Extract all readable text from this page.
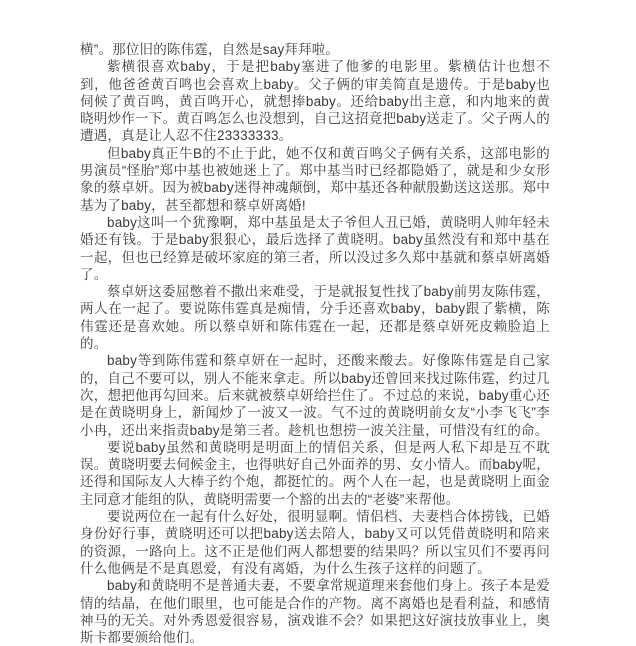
横”。那位旧的陈伟霆，自然是say拜拜啦。

紫横很喜欢baby，于是把baby塞进了他爹的电影里。紫横估计也想不到，他爸爸黄百鸣也会喜欢上baby。父子俩的审美简直是遗传。于是baby也伺候了黄百鸣，黄百鸣开心，就想捧baby。还给baby出主意，和内地来的黄晓明炒作一下。黄百鸣怎么也没想到，自己这招竟把baby送走了。父子两人的遭遇，真是让人忍不住23333333。

但baby真正牛B的不止于此，她不仅和黄百鸣父子俩有关系，这部电影的男演员“怪胎”郑中基也被她迷上了。郑中基当时已经都隐婚了，就是和少女形象的蔡卓妍。因为被baby迷得神魂颠倒，郑中基还各种献殷勤送这送那。郑中基为了baby，甚至都想和蔡卓妍离婚!

baby这叫一个犹豫啊，郑中基虽是太子爷但人丑已婚，黄晓明人帅年轻未婚还有钱。于是baby狠狠心，最后选择了黄晓明。baby虽然没有和郑中基在一起，但也已经算是破坏家庭的第三者，所以没过多久郑中基就和蔡卓妍离婚了。

蔡卓妍这委屈憋着不撒出来难受，于是就报复性找了baby前男友陈伟霆，两人在一起了。要说陈伟霆真是痴情，分手还喜欢baby，baby跟了紫横，陈伟霆还是喜欢她。所以蔡卓妍和陈伟霆在一起，还都是蔡卓妍死皮赖脸追上的。

baby等到陈伟霆和蔡卓妍在一起时，还酸来酸去。好像陈伟霆是自己家的，自己不要可以，别人不能来拿走。所以baby还曾回来找过陈伟霆，约过几次，想把他再勾回来。后来就被蔡卓妍给拦住了。不过总的来说，baby重心还是在黄晓明身上，新闻炒了一波又一波。气不过的黄晓明前女友“小李飞飞”李小冉，还出来指责baby是第三者。趁机也想捞一波关注量，可惜没有红的命。

要说baby虽然和黄晓明是明面上的情侣关系，但是两人私下却是互不耽误。黄晓明要去伺候金主，也得哄好自己外面养的男、女小情人。而baby呢，还得和国际友人大棒子约个炮，都挺忙的。两个人在一起，也是黄晓明上面金主同意才能组的队，黄晓明需要一个豁的出去的“老婆”来帮他。

要说两位在一起有什么好处，很明显啊。情侣档、夫妻档合体捞钱，已婚身份好行事，黄晓明还可以把baby送去陪人，baby又可以凭借黄晓明和陪来的资源，一路向上。这不正是他们两人都想要的结果吗？所以宝贝们不要再问什么他俩是不是真恩爱，有没有离婚，为什么生孩子这样的问题了。

baby和黄晓明不是普通夫妻，不要拿常规道理来套他们身上。孩子本是爱情的结晶，在他们眼里，也可能是合作的产物。离不离婚也是看利益，和感情神马的无关。对外秀恩爱很容易，演戏谁不会？如果把这好演技放事业上，奥斯卡都要颁给他们。
